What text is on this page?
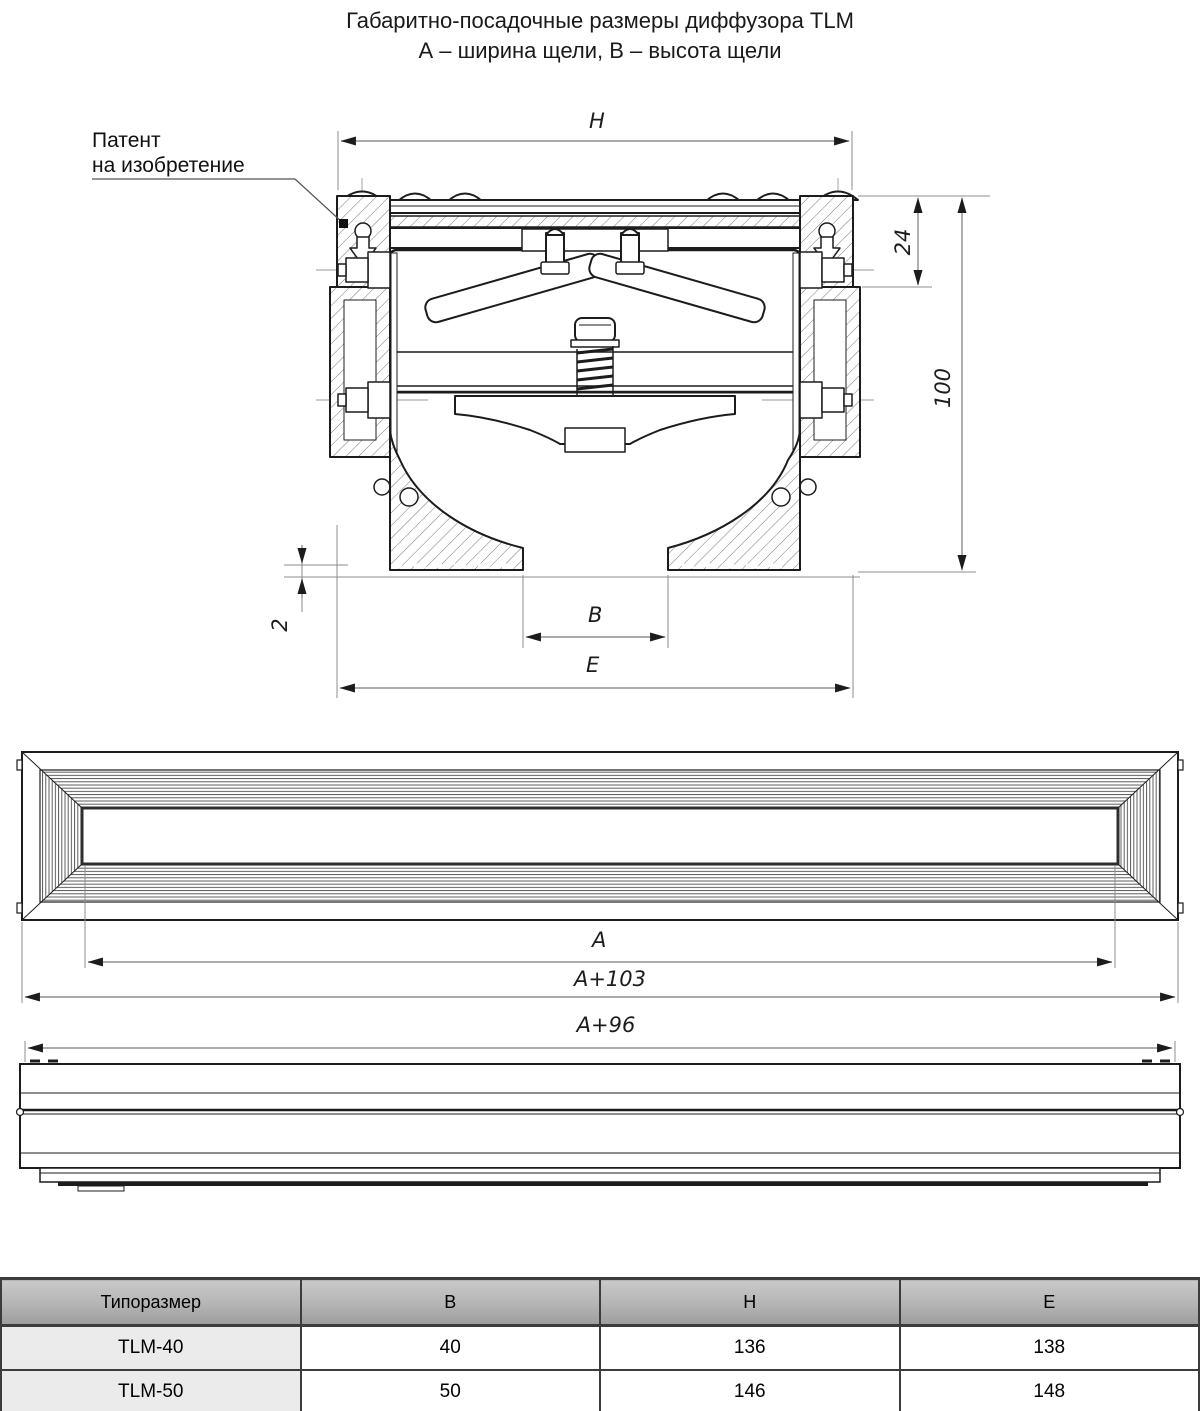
Габаритно-посадочные размеры диффузора TLM
А – ширина щели, В – высота щели
H
24
100
2	B
E
Патент
на изобретение
A
A+103
A+96
Типоразмер	B	H	E
TLM-40	40	136	138
TLM-50	50	146	148
